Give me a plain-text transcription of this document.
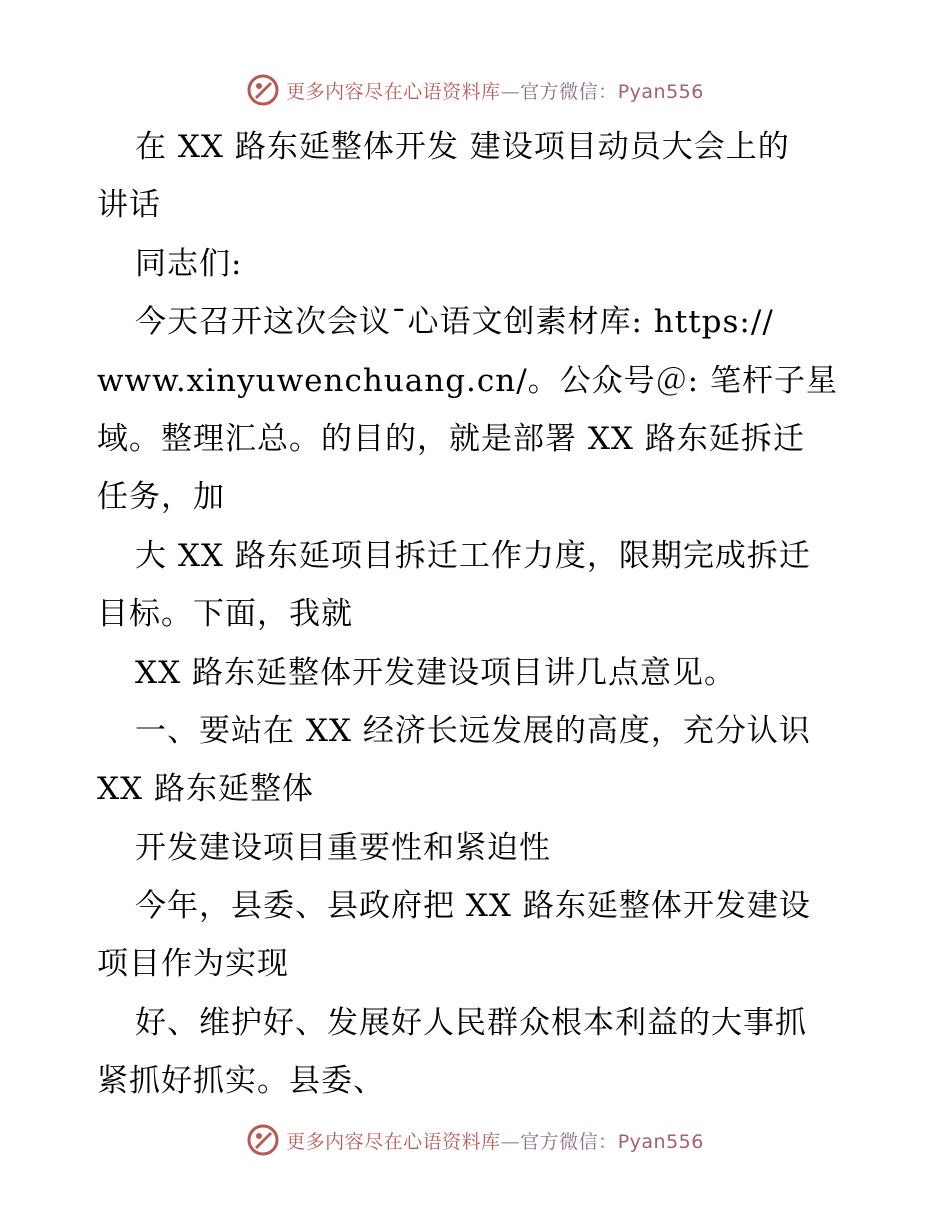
更多内容尽在心语资料库—官方微信：Pyan556
在 XX 路东延整体开发 建设项目动员大会上的
讲话
同志们:
今天召开这次会议¯心语文创素材库: https://
www.xinyuwenchuang.cn/。公众号＠: 笔杆子星
域。整理汇总。的目的，就是部署 XX 路东延拆迁
任务，加
大 XX 路东延项目拆迁工作力度，限期完成拆迁
目标。下面，我就
XX 路东延整体开发建设项目讲几点意见。
一、要站在 XX 经济长远发展的高度，充分认识
XX 路东延整体
开发建设项目重要性和紧迫性
今年，县委、县政府把 XX 路东延整体开发建设
项目作为实现
好、维护好、发展好人民群众根本利益的大事抓
紧抓好抓实。县委、
更多内容尽在心语资料库—官方微信：Pyan556
